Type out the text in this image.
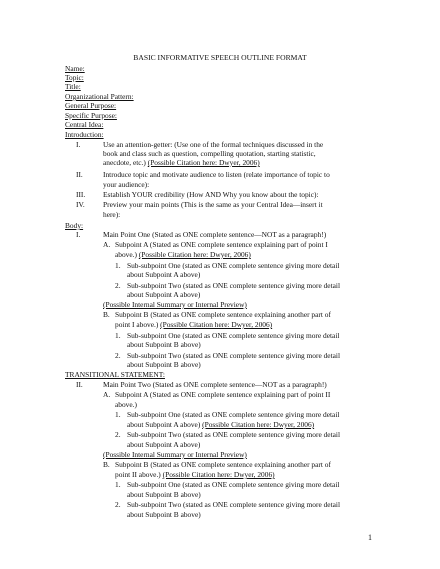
BASIC INFORMATIVE SPEECH OUTLINE FORMAT
Name:
Topic:
Title:
Organizational Pattern:
General Purpose:
Specific Purpose:
Central Idea:
Introduction:
I.	Use an attention-getter: (Use one of the formal techniques discussed in the
book and class such as question, compelling quotation, starting statistic,
anecdote, etc.) (Possible Citation here: Dwyer, 2006)
II.	Introduce topic and motivate audience to listen (relate importance of topic to
your audience):
III. Establish YOUR credibility (How AND Why you know about the topic):
IV. Preview your main points (This is the same as your Central Idea—insert it
here):
Body:
I.	Main Point One (Stated as ONE complete sentence—NOT as a paragraph!)
A. Subpoint A (Stated as ONE complete sentence explaining part of point I
above.) (Possible Citation here: Dwyer, 2006)
1. Sub-subpoint One (stated as ONE complete sentence giving more detail
about Subpoint A above)
2. Sub-subpoint Two (stated as ONE complete sentence giving more detail
about Subpoint A above)
(Possible Internal Summary or Internal Preview)
B. Subpoint B (Stated as ONE complete sentence explaining another part of
point I above.) (Possible Citation here: Dwyer, 2006)
1. Sub-subpoint One (stated as ONE complete sentence giving more detail
about Subpoint B above)
2. Sub-subpoint Two (stated as ONE complete sentence giving more detail
about Subpoint B above)
TRANSITIONAL STATEMENT:
II.	Main Point Two (Stated as ONE complete sentence—NOT as a paragraph!)
A. Subpoint A (Stated as ONE complete sentence explaining part of point II
above.)
1. Sub-subpoint One (stated as ONE complete sentence giving more detail
about Subpoint A above) (Possible Citation here: Dwyer, 2006)
2. Sub-subpoint Two (stated as ONE complete sentence giving more detail
about Subpoint A above)
(Possible Internal Summary or Internal Preview)
B. Subpoint B (Stated as ONE complete sentence explaining another part of
point II above.) (Possible Citation here: Dwyer, 2006)
1. Sub-subpoint One (stated as ONE complete sentence giving more detail
about Subpoint B above)
2. Sub-subpoint Two (stated as ONE complete sentence giving more detail
about Subpoint B above)
1
